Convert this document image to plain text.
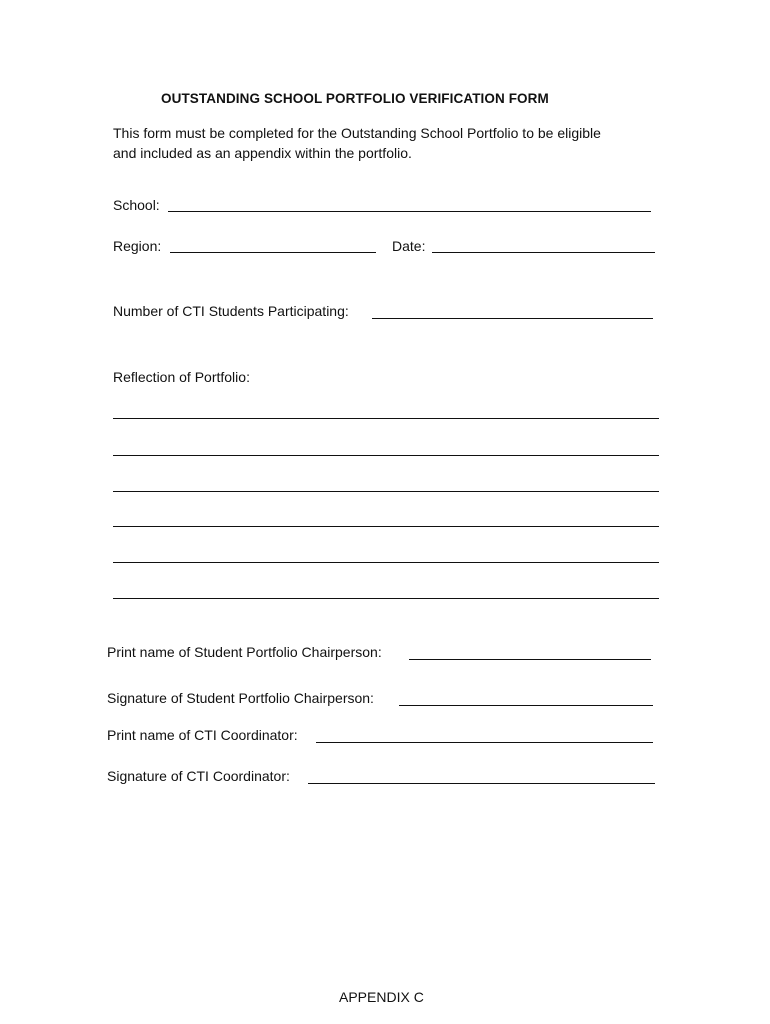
OUTSTANDING SCHOOL PORTFOLIO VERIFICATION FORM
This form must be completed for the Outstanding School Portfolio to be eligible
and included as an appendix within the portfolio.
School:
Region:	Date:
Number of CTI Students Participating:
Reflection of Portfolio:
Print name of Student Portfolio Chairperson:
Signature of Student Portfolio Chairperson:
Print name of CTI Coordinator:
Signature of CTI Coordinator:
APPENDIX C
